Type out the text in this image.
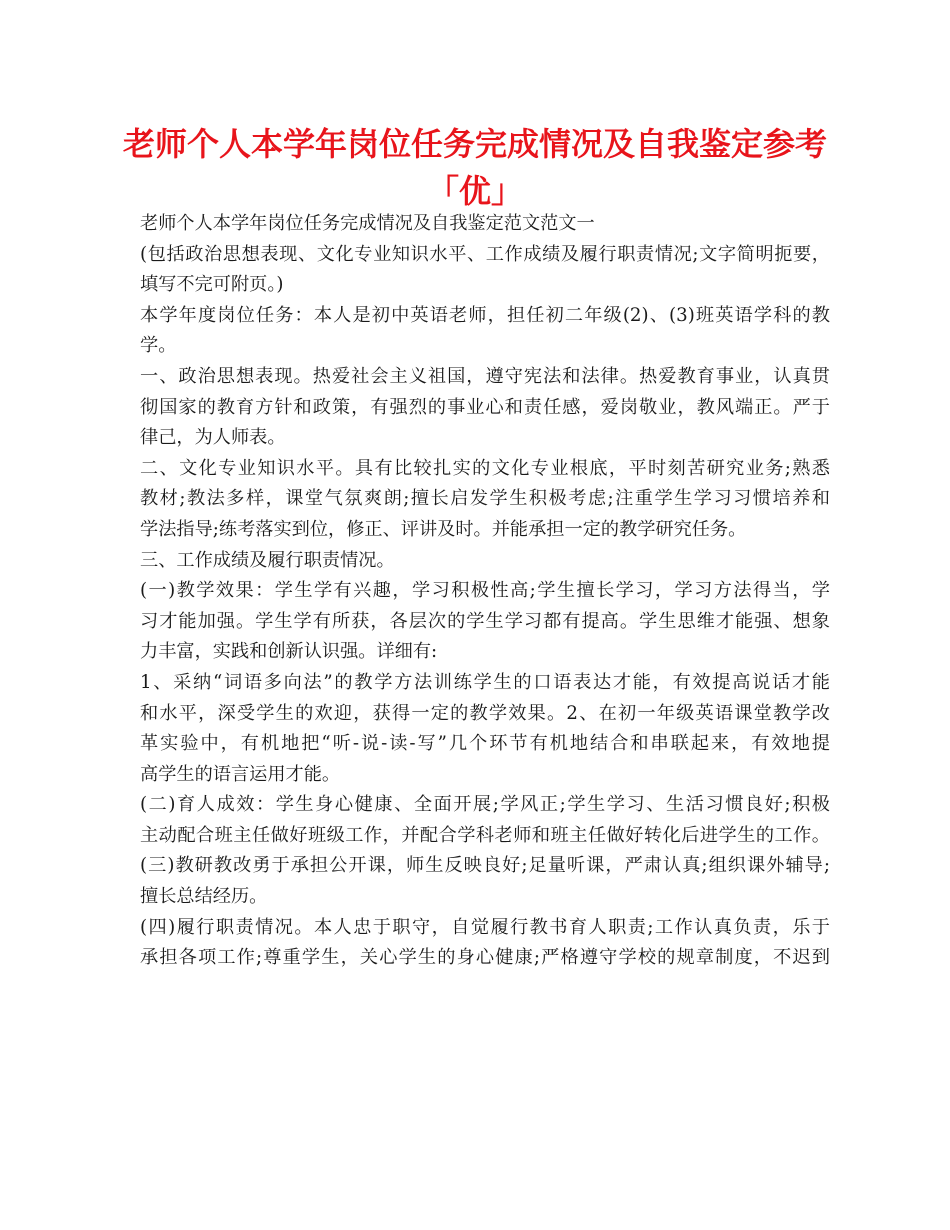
老师个人本学年岗位任务完成情况及自我鉴定参考
「优」
老师个人本学年岗位任务完成情况及自我鉴定范文范文一
(包括政治思想表现、文化专业知识水平、工作成绩及履行职责情况;文字简明扼要，
填写不完可附页。)
本学年度岗位任务：本人是初中英语老师，担任初二年级(2)、(3)班英语学科的教
学。
一、政治思想表现。热爱社会主义祖国，遵守宪法和法律。热爱教育事业，认真贯
彻国家的教育方针和政策，有强烈的事业心和责任感，爱岗敬业，教风端正。严于
律己，为人师表。
二、文化专业知识水平。具有比较扎实的文化专业根底，平时刻苦研究业务;熟悉
教材;教法多样，课堂气氛爽朗;擅长启发学生积极考虑;注重学生学习习惯培养和
学法指导;练考落实到位，修正、评讲及时。并能承担一定的教学研究任务。
三、工作成绩及履行职责情况。
(一)教学效果：学生学有兴趣，学习积极性高;学生擅长学习，学习方法得当，学
习才能加强。学生学有所获，各层次的学生学习都有提高。学生思维才能强、想象
力丰富，实践和创新认识强。详细有:
1、采纳“词语多向法”的教学方法训练学生的口语表达才能，有效提高说话才能
和水平，深受学生的欢迎，获得一定的教学效果。2、在初一年级英语课堂教学改
革实验中，有机地把“听-说-读-写”几个环节有机地结合和串联起来，有效地提
高学生的语言运用才能。
(二)育人成效：学生身心健康、全面开展;学风正;学生学习、生活习惯良好;积极
主动配合班主任做好班级工作，并配合学科老师和班主任做好转化后进学生的工作。
(三)教研教改勇于承担公开课，师生反映良好;足量听课，严肃认真;组织课外辅导;
擅长总结经历。
(四)履行职责情况。本人忠于职守，自觉履行教书育人职责;工作认真负责，乐于
承担各项工作;尊重学生，关心学生的身心健康;严格遵守学校的规章制度，不迟到
